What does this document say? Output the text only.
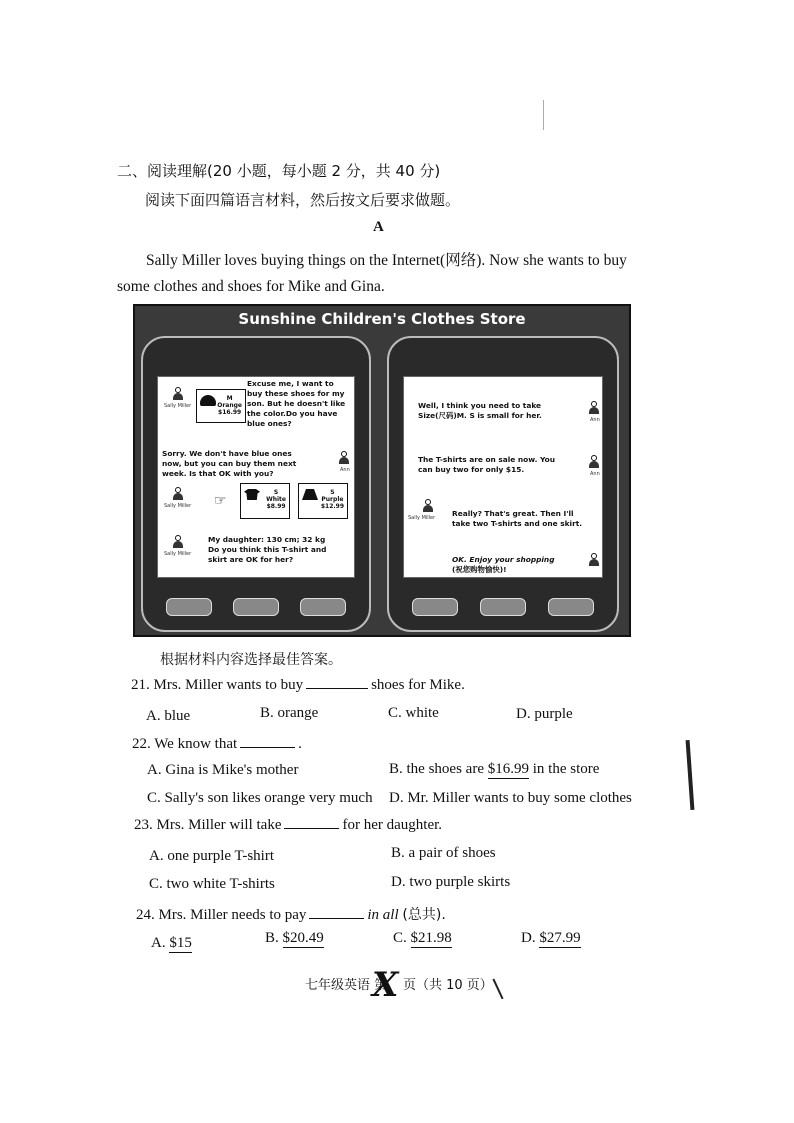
二、阅读理解(20 小题，每小题 2 分，共 40 分)
阅读下面四篇语言材料，然后按文后要求做题。
A
Sally Miller loves buying things on the Internet(网络). Now she wants to buy
some clothes and shoes for Mike and Gina.
Sunshine Children's Clothes Store
Sally Miller
M
Orange
$16.99
Excuse me, I want to
buy these shoes for my
son. But he doesn't like
the color.Do you have
blue ones?
Sorry. We don't have blue ones
now, but you can buy them next
week. Is that OK with you?	Ann
Sally Miller ☞
S
White
$8.99
S
Purple
$12.99
Sally Miller
My daughter: 130 cm; 32 kg
Do you think this T-shirt and
skirt are OK for her?
Well, I think you need to take
Size(尺码)M. S is small for her.	Ann
The T-shirts are on sale now. You
can buy two for only $15.	Ann
Sally Miller Really? That's great. Then I'll
take two T-shirts and one skirt.
OK. Enjoy your shopping
(祝您购物愉快)!
根据材料内容选择最佳答案。
21. Mrs. Miller wants to buy	shoes for Mike.
A. blue	B. orange	C. white	D. purple
22. We know that	.
A. Gina is Mike's mother	B. the shoes are $16.99 in the store
C. Sally's son likes orange very much D. Mr. Miller wants to buy some clothes
23. Mrs. Miller will take	for her daughter.
A. one purple T-shirt	B. a pair of shoes
C. two white T-shirts	D. two purple skirts
24. Mrs. Miller needs to pay	in all (总共).
A. $15	B. $20.49	C. $21.98	D. $27.99
七年级英语 第
X 页（共 10 页）
